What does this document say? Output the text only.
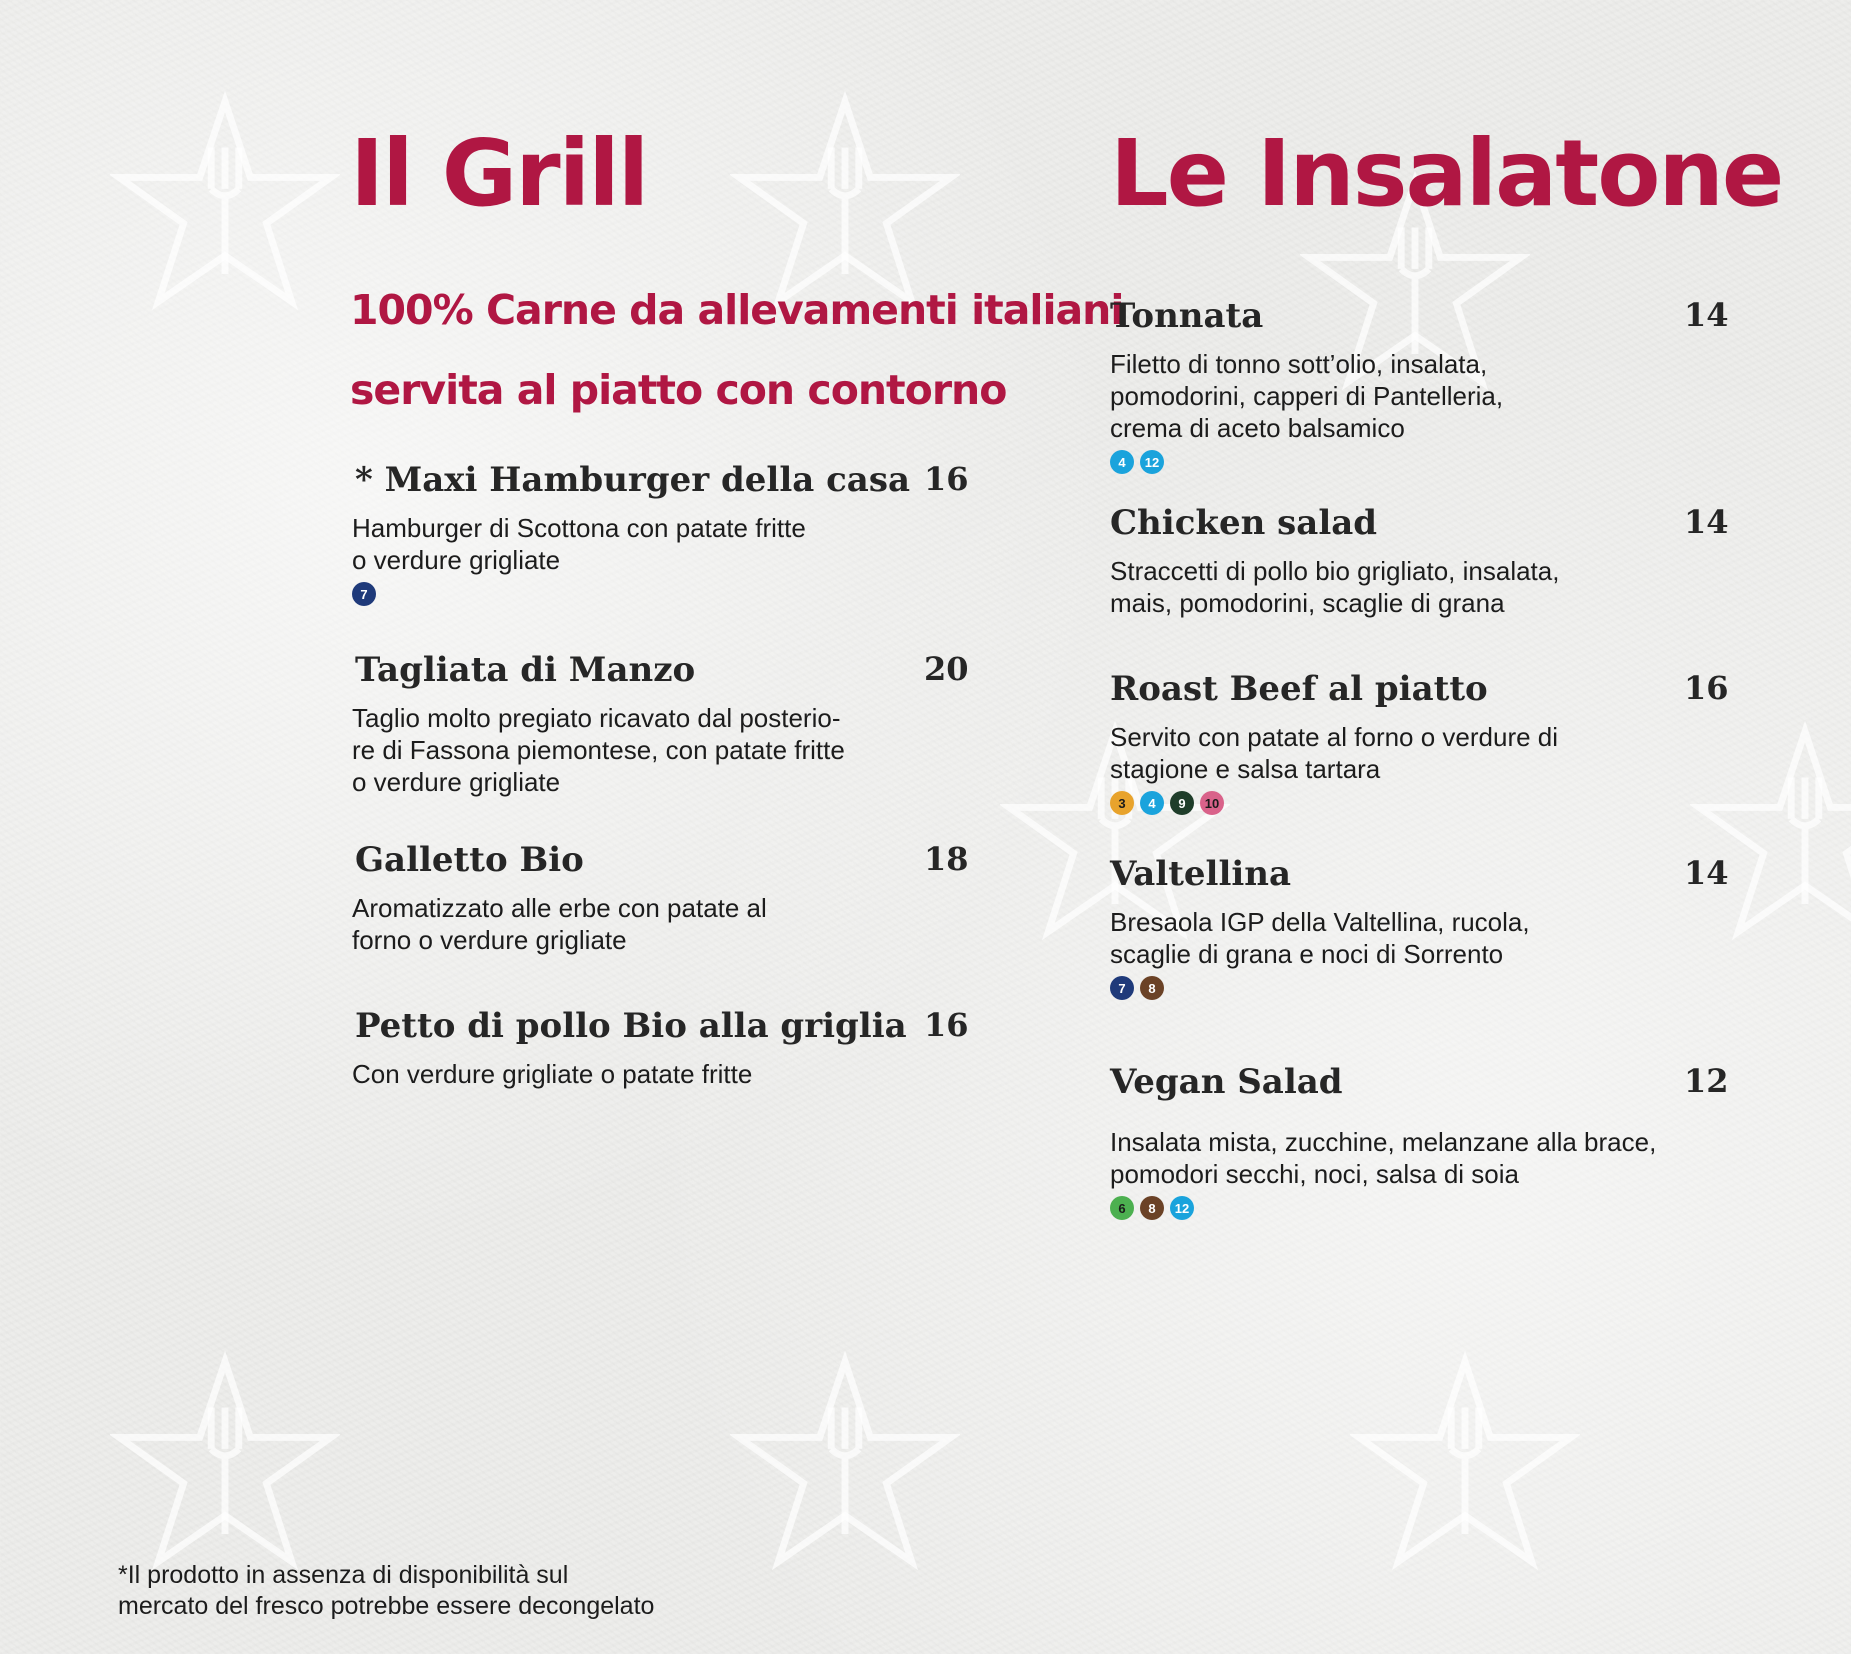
Il Grill
100% Carne da allevamenti italiani
servita al piatto con contorno
* Maxi Hamburger della casa 16
Hamburger di Scottona con patate fritte
o verdure grigliate
7
Tagliata di Manzo	20
Taglio molto pregiato ricavato dal posterio-
re di Fassona piemontese, con patate fritte
o verdure grigliate
Galletto Bio	18
Aromatizzato alle erbe con patate al
forno o verdure grigliate
Petto di pollo Bio alla griglia 16
Con verdure grigliate o patate fritte
Le Insalatone
Tonnata	14
Filetto di tonno sott’olio, insalata,
pomodorini, capperi di Pantelleria,
crema di aceto balsamico
4	12
Chicken salad	14
Straccetti di pollo bio grigliato, insalata,
mais, pomodorini, scaglie di grana
Roast Beef al piatto	16
Servito con patate al forno o verdure di
stagione e salsa tartara
3	4	9	10
Valtellina	14
Bresaola IGP della Valtellina, rucola,
scaglie di grana e noci di Sorrento
7	8
Vegan Salad	12
Insalata mista, zucchine, melanzane alla brace,
pomodori secchi, noci, salsa di soia
6	8	12
*Il prodotto in assenza di disponibilità sul
mercato del fresco potrebbe essere decongelato
